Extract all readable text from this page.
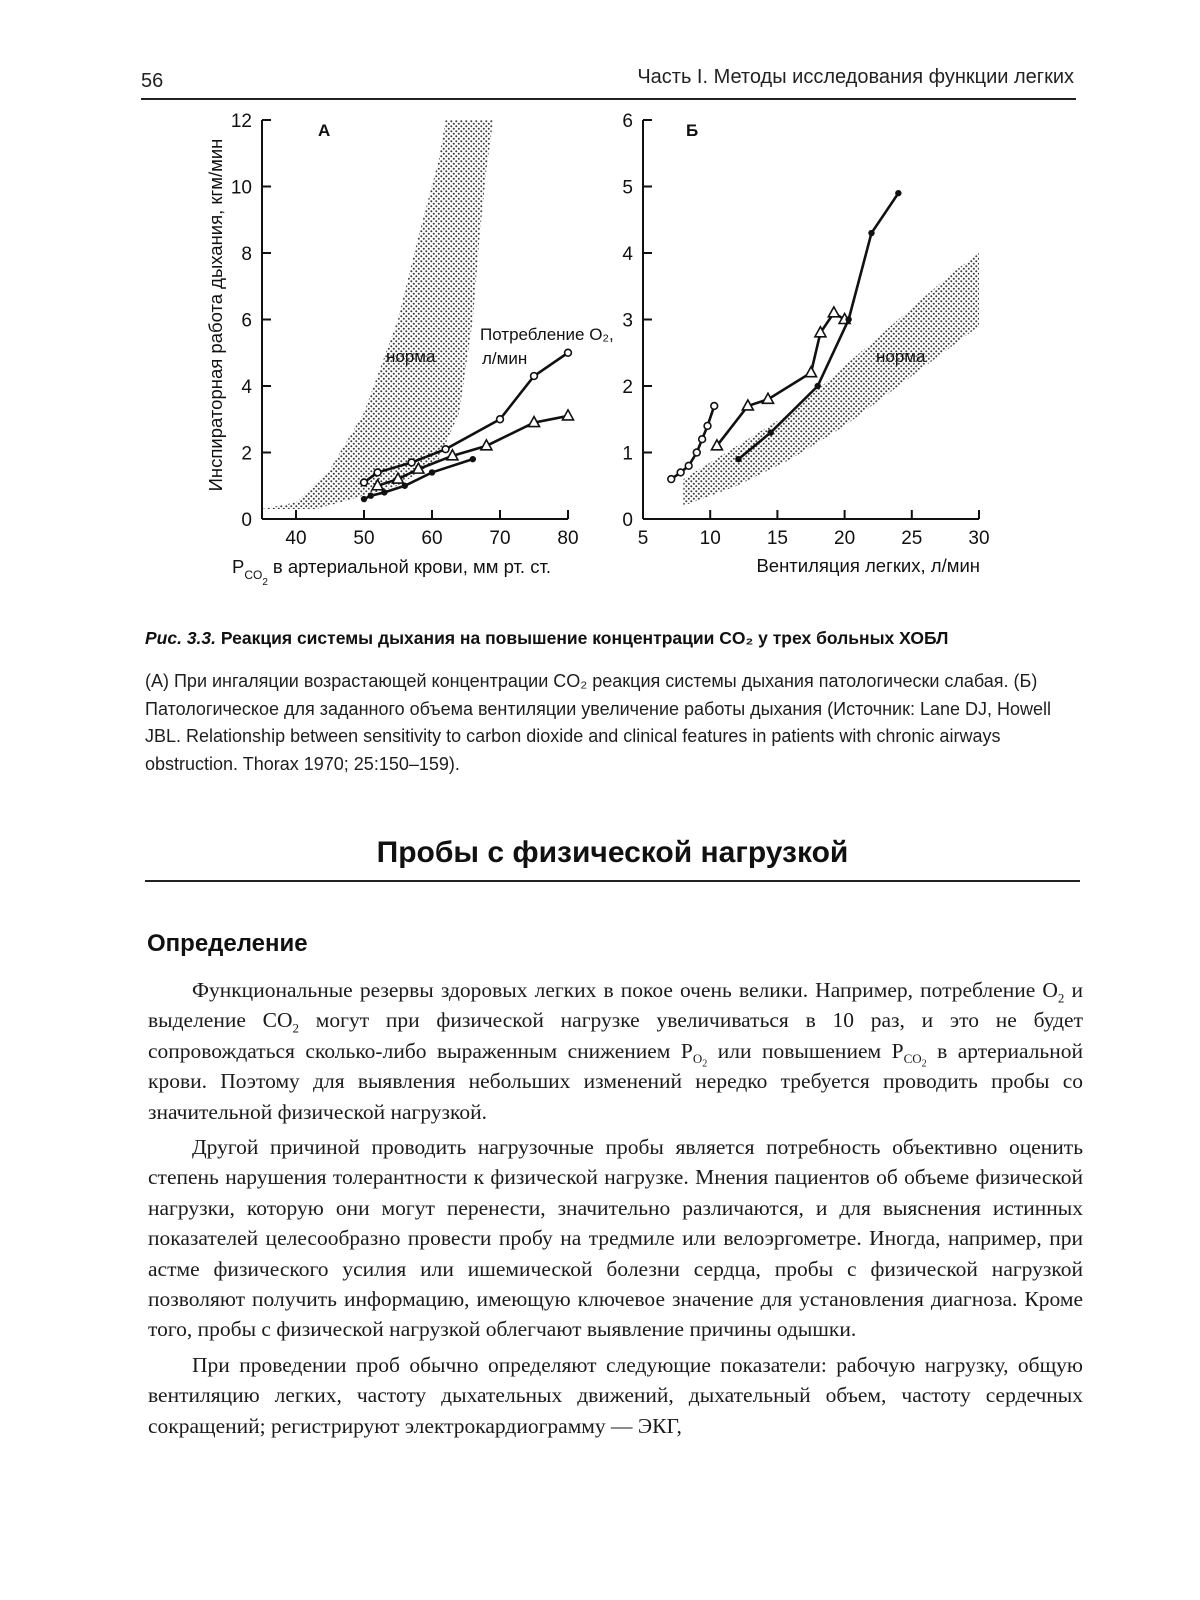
56	Часть I. Методы исследования функции легких
0
2
4
6
8
10
12
40 50 60 70 80
А
норма
Потребление O₂,
л/мин
Инспираторная работа дыхания, кгм/мин
$P_{CO2}в$ артериальной крови, мм рт. ст.
0
1
2
3
4
5
6
5	10 15 20 25 30
Б
норма
Вентиляция легких, л/мин
Рис. 3.3. Реакция системы дыхания на повышение концентрации CO₂ у трех больных ХОБЛ
(A) При ингаляции возрастающей концентрации CO₂ реакция системы дыхания патологически слабая. (Б) Патологическое для заданного объема вентиляции увеличение работы дыхания (Источник: Lane DJ, Howell JBL. Relationship between sensitivity to carbon dioxide and clinical features in patients with chronic airways obstruction. Thorax 1970; 25:150–159).
Пробы с физической нагрузкой
Определение

Функциональные резервы здоровых легких в покое очень велики. Например, потребление $O_2$ и выделение $CO_2$ могут при физической нагрузке увеличиваться в 10 раз, и это не будет сопровождаться сколько-либо выраженным снижением $P_{O_2}$ или повышением $P_{CO_2}$ в артериальной крови. Поэтому для выявления небольших изменений нередко требуется проводить пробы со значительной физической нагрузкой.

Другой причиной проводить нагрузочные пробы является потребность объективно оценить степень нарушения толерантности к физической нагрузке. Мнения пациентов об объеме физической нагрузки, которую они могут перенести, значительно различаются, и для выяснения истинных показателей целесообразно провести пробу на тредмиле или велоэргометре. Иногда, например, при астме физического усилия или ишемической болезни сердца, пробы с физической нагрузкой позволяют получить информацию, имеющую ключевое значение для установления диагноза. Кроме того, пробы с физической нагрузкой облегчают выявление причины одышки.

При проведении проб обычно определяют следующие показатели: рабочую нагрузку, общую вентиляцию легких, частоту дыхательных движений, дыхательный объем, частоту сердечных сокращений; регистрируют электрокардиограмму — ЭКГ,
